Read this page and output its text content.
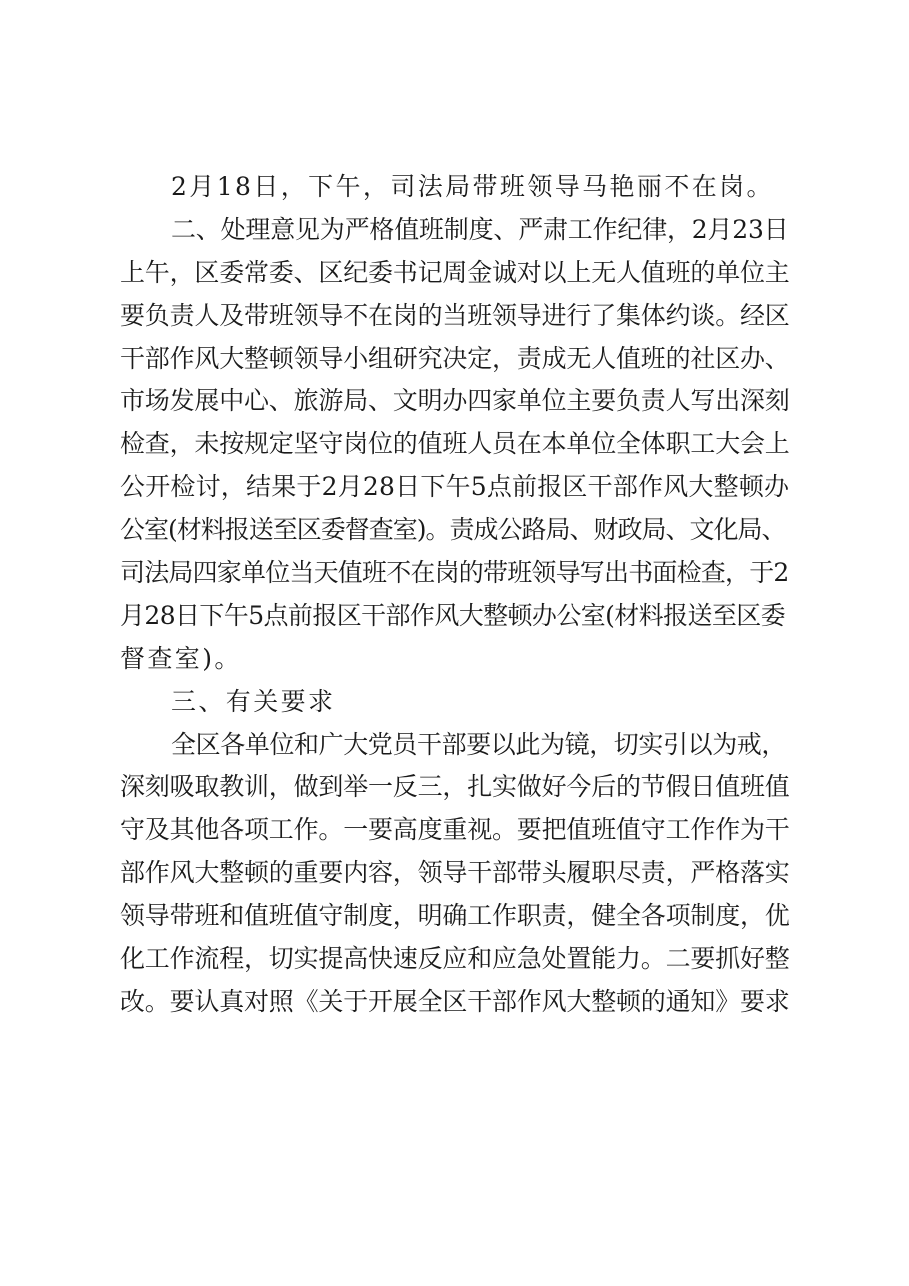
2月18日，下午，司法局带班领导马艳丽不在岗。
二、处理意见为严格值班制度、严肃工作纪律，2月23日
上午，区委常委、区纪委书记周金诚对以上无人值班的单位主
要负责人及带班领导不在岗的当班领导进行了集体约谈。经区
干部作风大整顿领导小组研究决定，责成无人值班的社区办、
市场发展中心、旅游局、文明办四家单位主要负责人写出深刻
检查，未按规定坚守岗位的值班人员在本单位全体职工大会上
公开检讨，结果于2月28日下午5点前报区干部作风大整顿办
公室(材料报送至区委督查室)。责成公路局、财政局、文化局、
司法局四家单位当天值班不在岗的带班领导写出书面检查，于2
月28日下午5点前报区干部作风大整顿办公室(材料报送至区委
督查室)。
三、有关要求
全区各单位和广大党员干部要以此为镜，切实引以为戒，
深刻吸取教训，做到举一反三，扎实做好今后的节假日值班值
守及其他各项工作。一要高度重视。要把值班值守工作作为干
部作风大整顿的重要内容，领导干部带头履职尽责，严格落实
领导带班和值班值守制度，明确工作职责，健全各项制度，优
化工作流程，切实提高快速反应和应急处置能力。二要抓好整
改。要认真对照《关于开展全区干部作风大整顿的通知》要求
